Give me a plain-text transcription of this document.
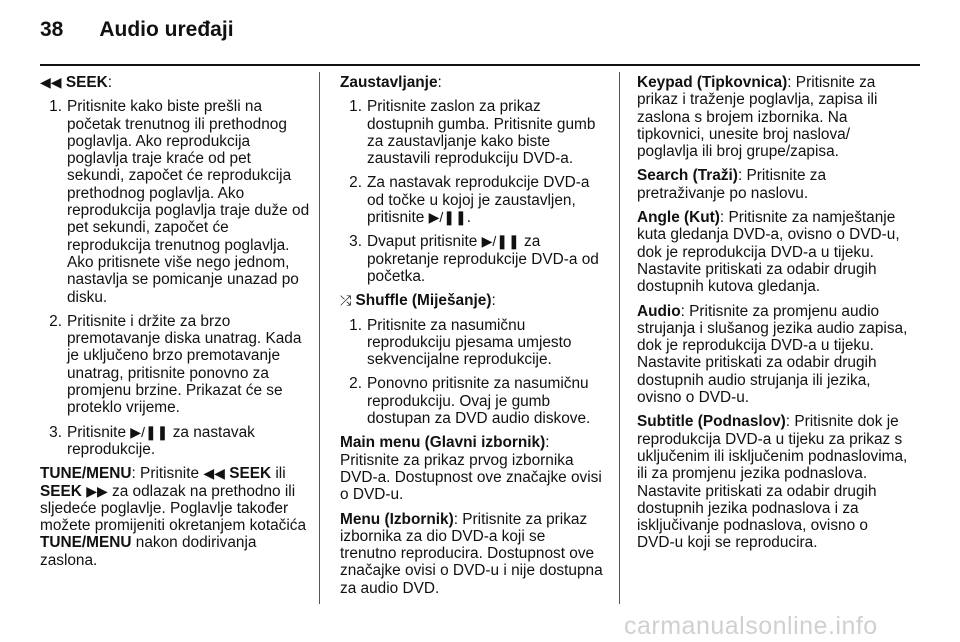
38 Audio uređaji

◀◀ SEEK:

1. Pritisnite kako biste prešli na početak trenutnog ili prethodnog poglavlja. Ako reprodukcija poglavlja traje kraće od pet sekundi, započet će reprodukcija prethodnog poglavlja. Ako reprodukcija poglavlja traje duže od pet sekundi, započet će reprodukcija trenutnog poglavlja. Ako pritisnete više nego jednom, nastavlja se pomicanje unazad po disku.
2. Pritisnite i držite za brzo premotavanje diska unatrag. Kada je uključeno brzo premotavanje unatrag, pritisnite ponovno za promjenu brzine. Prikazat će se proteklo vrijeme.
3. Pritisnite ▶/❚❚ za nastavak reprodukcije.

TUNE/MENU: Pritisnite ◀◀ SEEK ili SEEK ▶▶ za odlazak na prethodno ili sljedeće poglavlje. Poglavlje također možete promijeniti okretanjem kotačića TUNE/MENU nakon dodirivanja zaslona.

Zaustavljanje:

1. Pritisnite zaslon za prikaz dostupnih gumba. Pritisnite gumb za zaustavljanje kako biste zaustavili reprodukciju DVD-a.
2. Za nastavak reprodukcije DVD-a od točke u kojoj je zaustavljen, pritisnite ▶/❚❚.
3. Dvaput pritisnite ▶/❚❚ za pokretanje reprodukcije DVD-a od početka.

⤮ Shuffle (Miješanje):

1. Pritisnite za nasumičnu reprodukciju pjesama umjesto sekvencijalne reprodukcije.
2. Ponovno pritisnite za nasumičnu reprodukciju. Ovaj je gumb dostupan za DVD audio diskove.

Main menu (Glavni izbornik): Pritisnite za prikaz prvog izbornika DVD-a. Dostupnost ove značajke ovisi o DVD-u.

Menu (Izbornik): Pritisnite za prikaz izbornika za dio DVD-a koji se trenutno reproducira. Dostupnost ove značajke ovisi o DVD-u i nije dostupna za audio DVD.

Keypad (Tipkovnica): Pritisnite za prikaz i traženje poglavlja, zapisa ili zaslona s brojem izbornika. Na tipkovnici, unesite broj naslova/ poglavlja ili broj grupe/zapisa.

Search (Traži): Pritisnite za pretraživanje po naslovu.

Angle (Kut): Pritisnite za namještanje kuta gledanja DVD-a, ovisno o DVD-u, dok je reprodukcija DVD-a u tijeku. Nastavite pritiskati za odabir drugih dostupnih kutova gledanja.

Audio: Pritisnite za promjenu audio strujanja i slušanog jezika audio zapisa, dok je reprodukcija DVD-a u tijeku. Nastavite pritiskati za odabir drugih dostupnih audio strujanja ili jezika, ovisno o DVD-u.

Subtitle (Podnaslov): Pritisnite dok je reprodukcija DVD-a u tijeku za prikaz s uključenim ili isključenim podnaslovima, ili za promjenu jezika podnaslova. Nastavite pritiskati za odabir drugih dostupnih jezika podnaslova i za isključivanje podnaslova, ovisno o DVD-u koji se reproducira.

carmanualsonline.info
